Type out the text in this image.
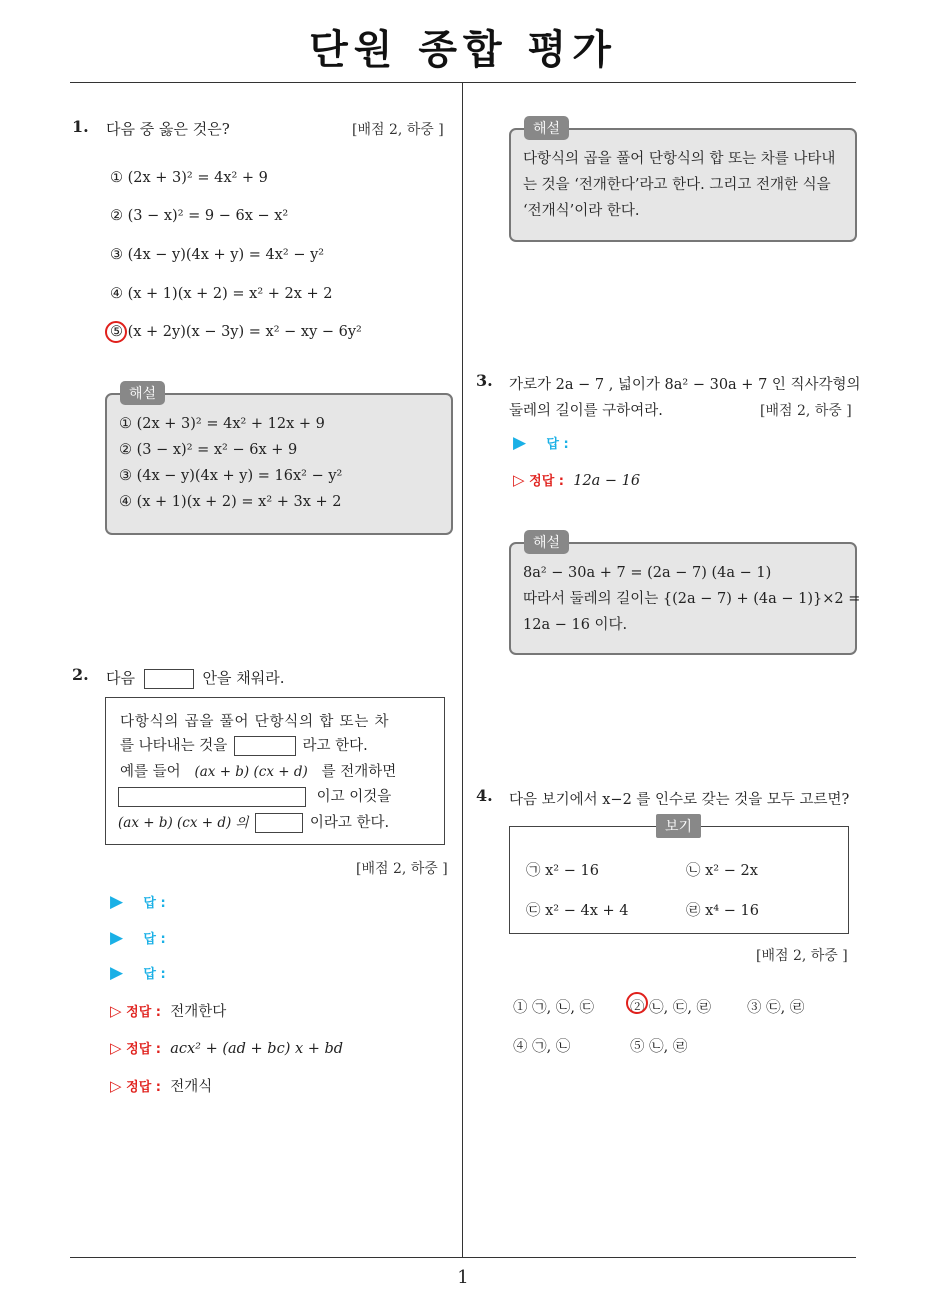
단원 종합 평가
1. 다음 중 옳은 것은?	[배점 2, 하중 ]
① (2x + 3)² = 4x² + 9
② (3 − x)² = 9 − 6x − x²
③ (4x − y)(4x + y) = 4x² − y²
④ (x + 1)(x + 2) = x² + 2x + 2
⑤ (x + 2y)(x − 3y) = x² − xy − 6y²
① (2x + 3)² = 4x² + 12x + 9
② (3 − x)² = x² − 6x + 9
③ (4x − y)(4x + y) = 16x² − y²
④ (x + 1)(x + 2) = x² + 3x + 2
해설
2. 다음	안을 채워라.
다항식의 곱을 풀어 단항식의 합 또는 차
를 나타내는 것을	라고 한다.
예를 들어 (ax + b) (cx + d) 를 전개하면
이고 이것을
(ax + b) (cx + d) 의	이라고 한다.
[배점 2, 하중 ]
▶ 답 :
▶ 답 :
▶ 답 :
▷ 정답 : 전개한다
▷ 정답 : acx² + (ad + bc) x + bd
▷ 정답 : 전개식
다항식의 곱을 풀어 단항식의 합 또는 차를 나타내
는 것을 ‘전개한다’라고 한다. 그리고 전개한 식을
‘전개식’이라 한다.
해설
3. 가로가 2a − 7 , 넓이가 8a² − 30a + 7 인 직사각형의
둘레의 길이를 구하여라.	[배점 2, 하중 ]
▶ 답 :
▷ 정답 : 12a − 16
8a² − 30a + 7 = (2a − 7) (4a − 1)
따라서 둘레의 길이는 {(2a − 7) + (4a − 1)}×2 =
12a − 16 이다.
해설
4. 다음 보기에서 x−2 를 인수로 갖는 것을 모두 고르면?
㉠ x² − 16	㉡ x² − 2x
㉢ x² − 4x + 4	㉣ x⁴ − 16
보기
[배점 2, 하중 ]
① ㉠, ㉡, ㉢ ② ㉡, ㉢, ㉣ ③ ㉢, ㉣
④ ㉠, ㉡	⑤ ㉡, ㉣
1
